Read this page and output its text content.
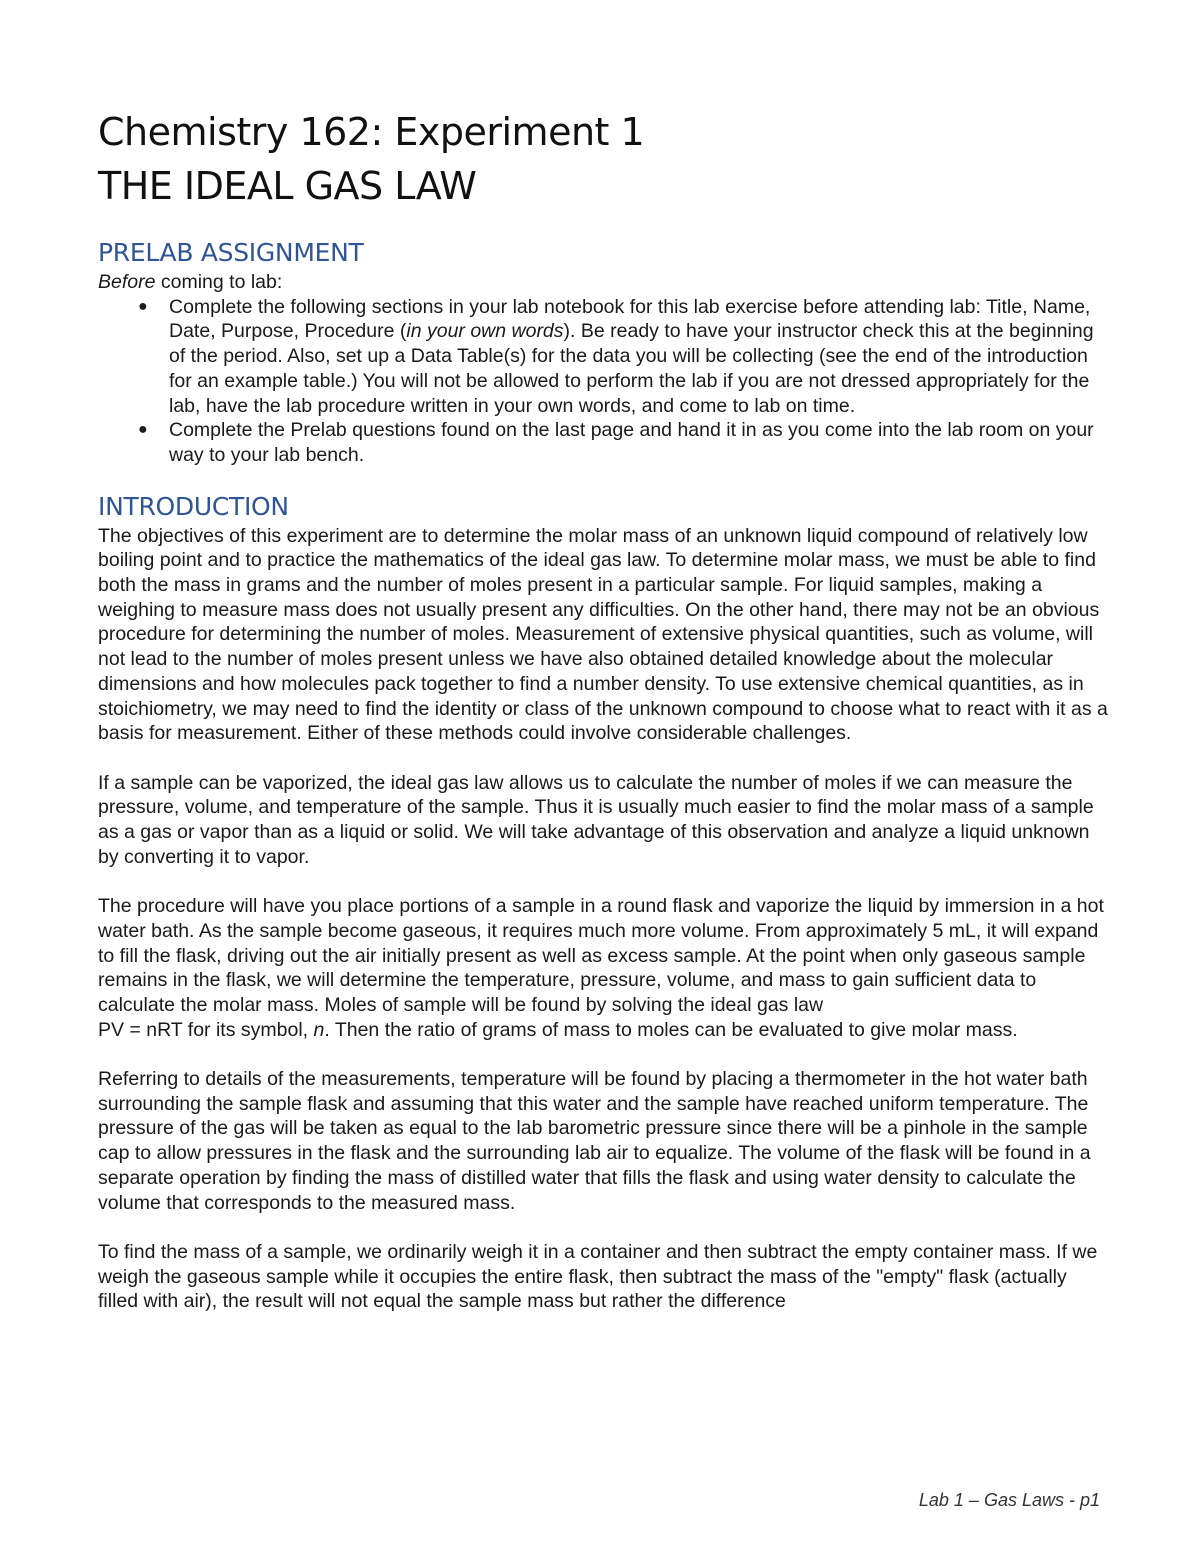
Chemistry 162: Experiment 1
THE IDEAL GAS LAW
PRELAB ASSIGNMENT

Before coming to lab:

● Complete the following sections in your lab notebook for this lab exercise before attending lab: Title, Name, Date, Purpose, Procedure (in your own words). Be ready to have your instructor check this at the beginning of the period. Also, set up a Data Table(s) for the data you will be collecting (see the end of the introduction for an example table.) You will not be allowed to perform the lab if you are not dressed appropriately for the lab, have the lab procedure written in your own words, and come to lab on time.
● Complete the Prelab questions found on the last page and hand it in as you come into the lab room on your way to your lab bench.
INTRODUCTION

The objectives of this experiment are to determine the molar mass of an unknown liquid compound of relatively low boiling point and to practice the mathematics of the ideal gas law. To determine molar mass, we must be able to find both the mass in grams and the number of moles present in a particular sample. For liquid samples, making a weighing to measure mass does not usually present any difficulties. On the other hand, there may not be an obvious procedure for determining the number of moles. Measurement of extensive physical quantities, such as volume, will not lead to the number of moles present unless we have also obtained detailed knowledge about the molecular dimensions and how molecules pack together to find a number density. To use extensive chemical quantities, as in stoichiometry, we may need to find the identity or class of the unknown compound to choose what to react with it as a basis for measurement. Either of these methods could involve considerable challenges.

If a sample can be vaporized, the ideal gas law allows us to calculate the number of moles if we can measure the pressure, volume, and temperature of the sample. Thus it is usually much easier to find the molar mass of a sample as a gas or vapor than as a liquid or solid. We will take advantage of this observation and analyze a liquid unknown by converting it to vapor.

The procedure will have you place portions of a sample in a round flask and vaporize the liquid by immersion in a hot water bath. As the sample become gaseous, it requires much more volume. From approximately 5 mL, it will expand to fill the flask, driving out the air initially present as well as excess sample. At the point when only gaseous sample remains in the flask, we will determine the temperature, pressure, volume, and mass to gain sufficient data to calculate the molar mass. Moles of sample will be found by solving the ideal gas law

PV = nRT for its symbol, n. Then the ratio of grams of mass to moles can be evaluated to give molar mass.

Referring to details of the measurements, temperature will be found by placing a thermometer in the hot water bath surrounding the sample flask and assuming that this water and the sample have reached uniform temperature. The pressure of the gas will be taken as equal to the lab barometric pressure since there will be a pinhole in the sample cap to allow pressures in the flask and the surrounding lab air to equalize. The volume of the flask will be found in a separate operation by finding the mass of distilled water that fills the flask and using water density to calculate the volume that corresponds to the measured mass.

To find the mass of a sample, we ordinarily weigh it in a container and then subtract the empty container mass. If we weigh the gaseous sample while it occupies the entire flask, then subtract the mass of the "empty" flask (actually filled with air), the result will not equal the sample mass but rather the difference

Lab 1 – Gas Laws - p1
